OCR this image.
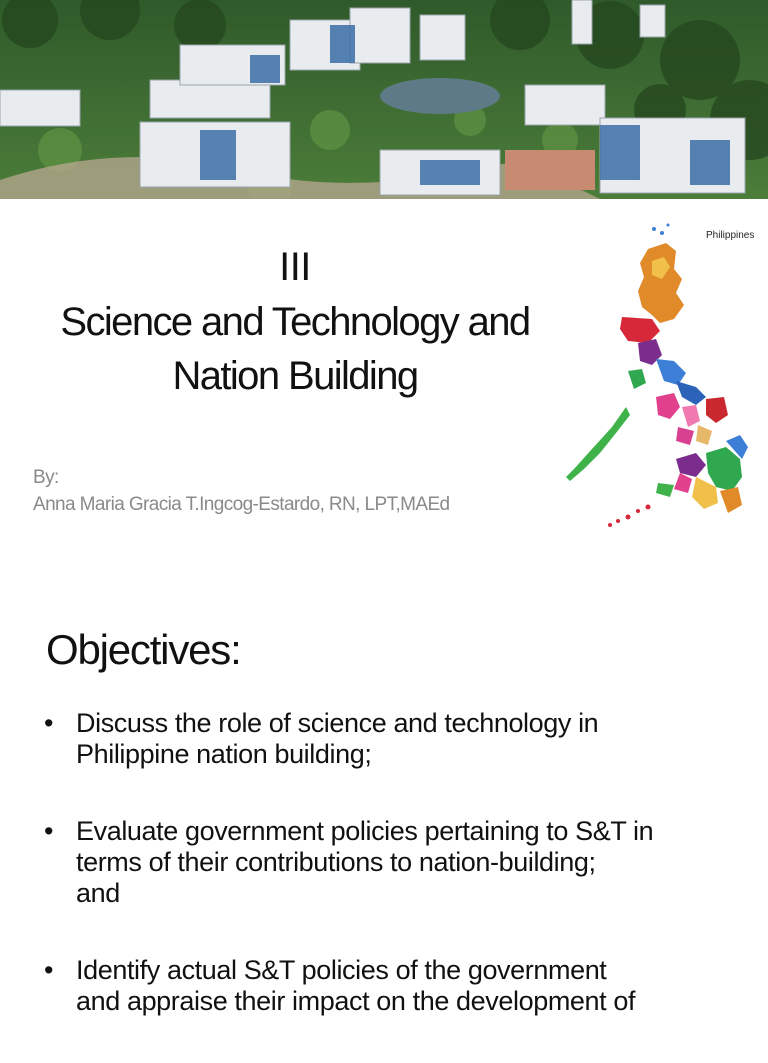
III
Science and Technology and
Nation Building
By:
Anna Maria Gracia T.Ingcog-Estardo, RN, LPT,MAEd
Philippines
Objectives:
• Discuss the role of science and technology in
Philippine nation building;
• Evaluate government policies pertaining to S&T in
terms of their contributions to nation-building;
and
• Identify actual S&T policies of the government
and appraise their impact on the development of
